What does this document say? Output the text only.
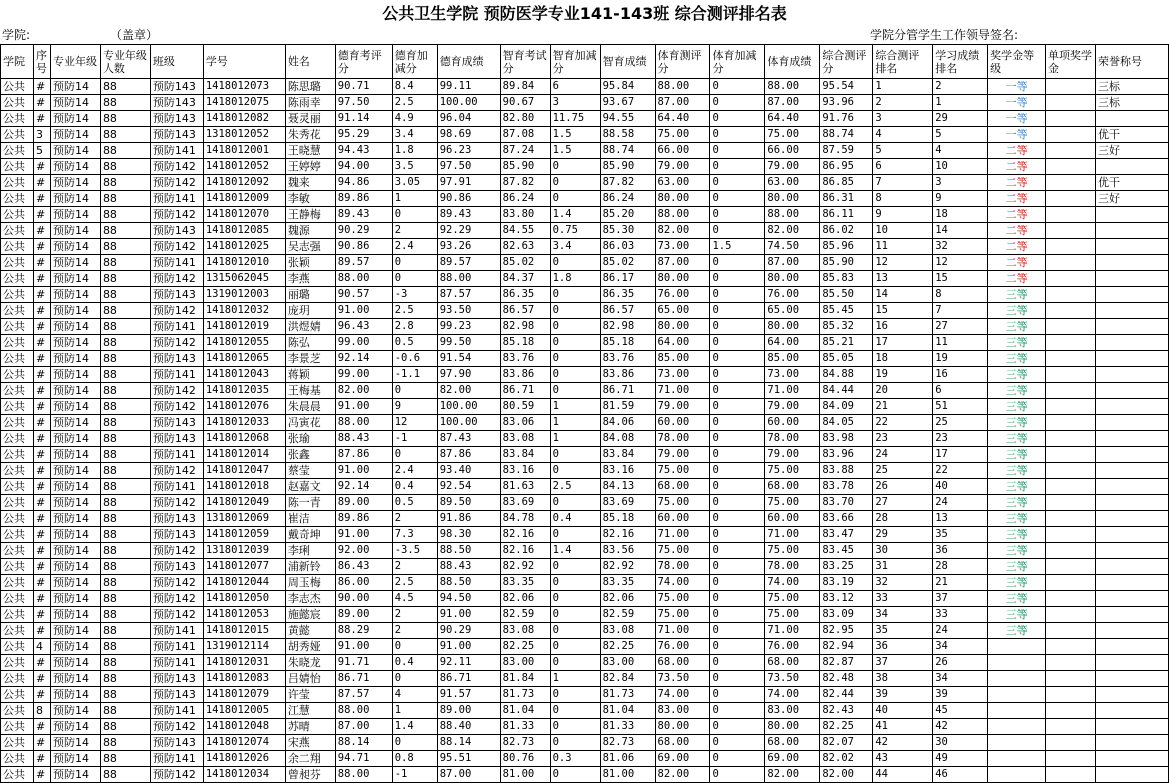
公共卫生学院 预防医学专业141-143班 综合测评排名表
学院:	（盖章）	学院分管学生工作领导签名:
学院	序号	专业年级	专业年级人数	班级	学号	姓名	德育考评分	德育加减分	德育成绩	智育考试分	智育加减分	智育成绩	体育测评分	体育加减分	体育成绩	综合测评分	综合测评排名	学习成绩排名	奖学金等级	单项奖学金	荣誉称号
公共	#	预防14	88	预防143	1418012073	陈思璐	90.71	8.4	99.11	89.84	6	95.84	88.00	0	88.00	95.54	1	2	一等		三标
公共	#	预防14	88	预防143	1418012075	陈雨幸	97.50	2.5	100.00	90.67	3	93.67	87.00	0	87.00	93.96	2	1	一等		三标
公共	#	预防14	88	预防143	1418012082	聂灵丽	91.14	4.9	96.04	82.80	11.75	94.55	64.40	0	64.40	91.76	3	29	一等		
公共	3	预防14	88	预防143	1318012052	朱秀花	95.29	3.4	98.69	87.08	1.5	88.58	75.00	0	75.00	88.74	4	5	一等		优干
公共	5	预防14	88	预防141	1418012001	王晓慧	94.43	1.8	96.23	87.24	1.5	88.74	66.00	0	66.00	87.59	5	4	二等		三好
公共	#	预防14	88	预防142	1418012052	王婷婷	94.00	3.5	97.50	85.90	0	85.90	79.00	0	79.00	86.95	6	10	二等		
公共	#	预防14	88	预防142	1418012092	魏来	94.86	3.05	97.91	87.82	0	87.82	63.00	0	63.00	86.85	7	3	二等		优干
公共	#	预防14	88	预防141	1418012009	李敏	89.86	1	90.86	86.24	0	86.24	80.00	0	80.00	86.31	8	9	二等		三好
公共	#	预防14	88	预防142	1418012070	王静梅	89.43	0	89.43	83.80	1.4	85.20	88.00	0	88.00	86.11	9	18	二等		
公共	#	预防14	88	预防143	1418012085	魏源	90.29	2	92.29	84.55	0.75	85.30	82.00	0	82.00	86.02	10	14	二等		
公共	#	预防14	88	预防142	1418012025	吴志强	90.86	2.4	93.26	82.63	3.4	86.03	73.00	1.5	74.50	85.96	11	32	二等		
公共	#	预防14	88	预防141	1418012010	张颖	89.57	0	89.57	85.02	0	85.02	87.00	0	87.00	85.90	12	12	二等		
公共	#	预防14	88	预防142	1315062045	李燕	88.00	0	88.00	84.37	1.8	86.17	80.00	0	80.00	85.83	13	15	二等		
公共	#	预防14	88	预防143	1319012003	丽璐	90.57	-3	87.57	86.35	0	86.35	76.00	0	76.00	85.50	14	8	三等		
公共	#	预防14	88	预防142	1418012032	庞玥	91.00	2.5	93.50	86.57	0	86.57	65.00	0	65.00	85.45	15	7	三等		
公共	#	预防14	88	预防141	1418012019	洪煜婧	96.43	2.8	99.23	82.98	0	82.98	80.00	0	80.00	85.32	16	27	三等		
公共	#	预防14	88	预防142	1418012055	陈弘	99.00	0.5	99.50	85.18	0	85.18	64.00	0	64.00	85.21	17	11	三等		
公共	#	预防14	88	预防143	1418012065	李景芝	92.14	-0.6	91.54	83.76	0	83.76	85.00	0	85.00	85.05	18	19	三等		
公共	#	预防14	88	预防141	1418012043	蒋颖	99.00	-1.1	97.90	83.86	0	83.86	73.00	0	73.00	84.88	19	16	三等		
公共	#	预防14	88	预防142	1418012035	王梅基	82.00	0	82.00	86.71	0	86.71	71.00	0	71.00	84.44	20	6	三等		
公共	#	预防14	88	预防142	1418012076	朱晨晨	91.00	9	100.00	80.59	1	81.59	79.00	0	79.00	84.09	21	51	三等		
公共	#	预防14	88	预防143	1418012033	冯寅花	88.00	12	100.00	83.06	1	84.06	60.00	0	60.00	84.05	22	25	三等		
公共	#	预防14	88	预防143	1418012068	张瑜	88.43	-1	87.43	83.08	1	84.08	78.00	0	78.00	83.98	23	23	三等		
公共	#	预防14	88	预防141	1418012014	张鑫	87.86	0	87.86	83.84	0	83.84	79.00	0	79.00	83.96	24	17	三等		
公共	#	预防14	88	预防142	1418012047	蔡莹	91.00	2.4	93.40	83.16	0	83.16	75.00	0	75.00	83.88	25	22	三等		
公共	#	预防14	88	预防141	1418012018	赵嘉文	92.14	0.4	92.54	81.63	2.5	84.13	68.00	0	68.00	83.78	26	40	三等		
公共	#	预防14	88	预防142	1418012049	陈一青	89.00	0.5	89.50	83.69	0	83.69	75.00	0	75.00	83.70	27	24	三等		
公共	#	预防14	88	预防143	1318012069	崔洁	89.86	2	91.86	84.78	0.4	85.18	60.00	0	60.00	83.66	28	13	三等		
公共	#	预防14	88	预防143	1418012059	戴奇坤	91.00	7.3	98.30	82.16	0	82.16	71.00	0	71.00	83.47	29	35	三等		
公共	#	预防14	88	预防142	1318012039	李琍	92.00	-3.5	88.50	82.16	1.4	83.56	75.00	0	75.00	83.45	30	36	三等		
公共	#	预防14	88	预防143	1418012077	浦新铃	86.43	2	88.43	82.92	0	82.92	78.00	0	78.00	83.25	31	28	三等		
公共	#	预防14	88	预防142	1418012044	周玉梅	86.00	2.5	88.50	83.35	0	83.35	74.00	0	74.00	83.19	32	21	三等		
公共	#	预防14	88	预防142	1418012050	李志杰	90.00	4.5	94.50	82.06	0	82.06	75.00	0	75.00	83.12	33	37	三等		
公共	#	预防14	88	预防142	1418012053	施懿宸	89.00	2	91.00	82.59	0	82.59	75.00	0	75.00	83.09	34	33	三等		
公共	#	预防14	88	预防141	1418012015	黄懿	88.29	2	90.29	83.08	0	83.08	71.00	0	71.00	82.95	35	24	三等		
公共	4	预防14	88	预防141	1319012114	胡秀娅	91.00	0	91.00	82.25	0	82.25	76.00	0	76.00	82.94	36	34			
公共	#	预防14	88	预防141	1418012031	朱晓龙	91.71	0.4	92.11	83.00	0	83.00	68.00	0	68.00	82.87	37	26			
公共	#	预防14	88	预防143	1418012083	吕婧怡	86.71	0	86.71	81.84	1	82.84	73.50	0	73.50	82.48	38	34			
公共	#	预防14	88	预防143	1418012079	许莹	87.57	4	91.57	81.73	0	81.73	74.00	0	74.00	82.44	39	39			
公共	8	预防14	88	预防141	1418012005	江慧	88.00	1	89.00	81.04	0	81.04	83.00	0	83.00	82.43	40	45			
公共	#	预防14	88	预防142	1418012048	苏晴	87.00	1.4	88.40	81.33	0	81.33	80.00	0	80.00	82.25	41	42			
公共	#	预防14	88	预防143	1418012074	宋燕	88.14	0	88.14	82.73	0	82.73	68.00	0	68.00	82.07	42	30			
公共	#	预防14	88	预防141	1418012026	余二翔	94.71	0.8	95.51	80.76	0.3	81.06	69.00	0	69.00	82.02	43	49			
公共	#	预防14	88	预防142	1418012034	曾昶芬	88.00	-1	87.00	81.00	0	81.00	82.00	0	82.00	82.00	44	46			
